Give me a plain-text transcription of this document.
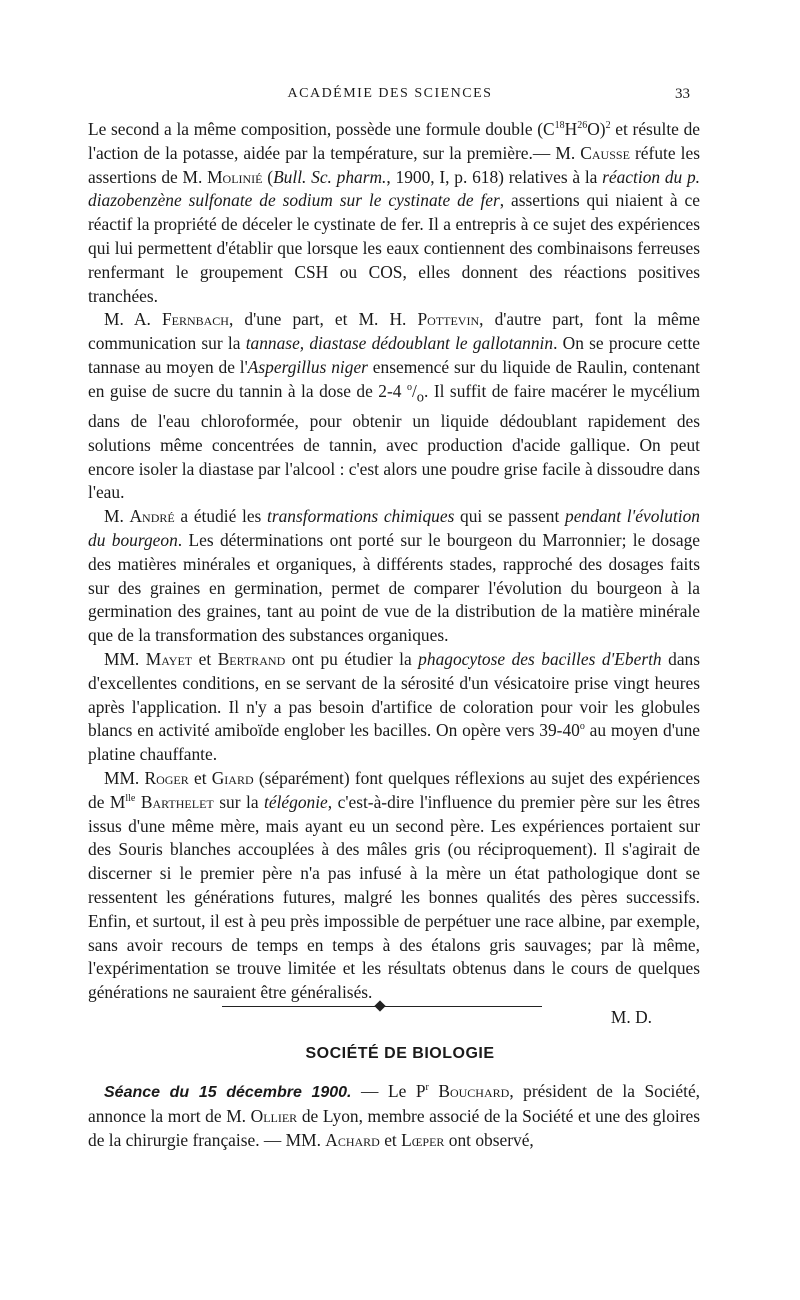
ACADÉMIE DES SCIENCES	33

Le second a la même composition, possède une formule double $(C^{18}H^{26}O)^2$ et résulte de l'action de la potasse, aidée par la température, sur la première.— M. Causse réfute les assertions de M. Molinié (Bull. Sc. pharm., 1900, I, p. 618) relatives à la réaction du p. diazobenzène sulfonate de sodium sur le cystinate de fer, assertions qui niaient à ce réactif la propriété de déceler le cystinate de fer. Il a entrepris à ce sujet des expériences qui lui permettent d'établir que lorsque les eaux contiennent des combinaisons ferreuses renfermant le groupement CSH ou COS, elles donnent des réactions positives tranchées.

M. A. Fernbach, d'une part, et M. H. Pottevin, d'autre part, font la même communication sur la tannase, diastase dédoublant le gallotannin. On se procure cette tannase au moyen de l'Aspergillus niger ensemencé sur du liquide de Raulin, contenant en guise de sucre du tannin à la dose de 2-4 $^o/_o$. Il suffit de faire macérer le mycélium dans de l'eau chloroformée, pour obtenir un liquide dédoublant rapidement des solutions même concentrées de tannin, avec production d'acide gallique. On peut encore isoler la diastase par l'alcool : c'est alors une poudre grise facile à dissoudre dans l'eau.

M. André a étudié les transformations chimiques qui se passent pendant l'évolution du bourgeon. Les déterminations ont porté sur le bourgeon du Marronnier; le dosage des matières minérales et organiques, à différents stades, rapproché des dosages faits sur des graines en germination, permet de comparer l'évolution du bourgeon à la germination des graines, tant au point de vue de la distribution de la matière minérale que de la transformation des substances organiques.

MM. Mayet et Bertrand ont pu étudier la phagocytose des bacilles d'Eberth dans d'excellentes conditions, en se servant de la sérosité d'un vésicatoire prise vingt heures après l'application. Il n'y a pas besoin d'artifice de coloration pour voir les globules blancs en activité amiboïde englober les bacilles. On opère vers 39-40$^o$ au moyen d'une platine chauffante.

MM. Roger et Giard (séparément) font quelques réflexions au sujet des expériences de $M^{lle}$ Barthelet sur la télégonie, c'est-à-dire l'influence du premier père sur les êtres issus d'une même mère, mais ayant eu un second père. Les expériences portaient sur des Souris blanches accouplées à des mâles gris (ou réciproquement). Il s'agirait de discerner si le premier père n'a pas infusé à la mère un état pathologique dont se ressentent les générations futures, malgré les bonnes qualités des pères successifs. Enfin, et surtout, il est à peu près impossible de perpétuer une race albine, par exemple, sans avoir recours de temps en temps à des étalons gris sauvages; par là même, l'expérimentation se trouve limitée et les résultats obtenus dans le cours de quelques générations ne sauraient être généralisés.

M. D.
SOCIÉTÉ DE BIOLOGIE

Séance du 15 décembre 1900. — Le $P^r$ Bouchard, président de la Société, annonce la mort de M. Ollier de Lyon, membre associé de la Société et une des gloires de la chirurgie française. — MM. Achard et Lœper ont observé,
